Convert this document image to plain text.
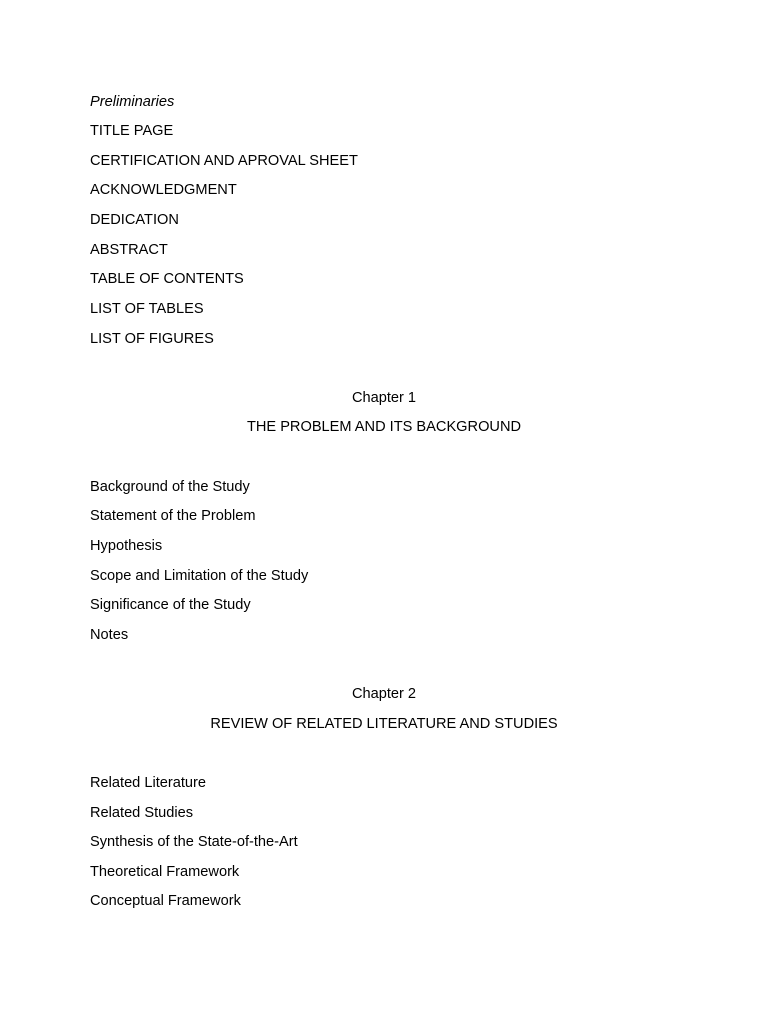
Preliminaries
TITLE PAGE
CERTIFICATION AND APROVAL SHEET
ACKNOWLEDGMENT
DEDICATION
ABSTRACT
TABLE OF CONTENTS
LIST OF TABLES
LIST OF FIGURES
Chapter 1
THE PROBLEM AND ITS BACKGROUND
Background of the Study
Statement of the Problem
Hypothesis
Scope and Limitation of the Study
Significance of the Study
Notes
Chapter 2
REVIEW OF RELATED LITERATURE AND STUDIES
Related Literature
Related Studies
Synthesis of the State-of-the-Art
Theoretical Framework
Conceptual Framework
